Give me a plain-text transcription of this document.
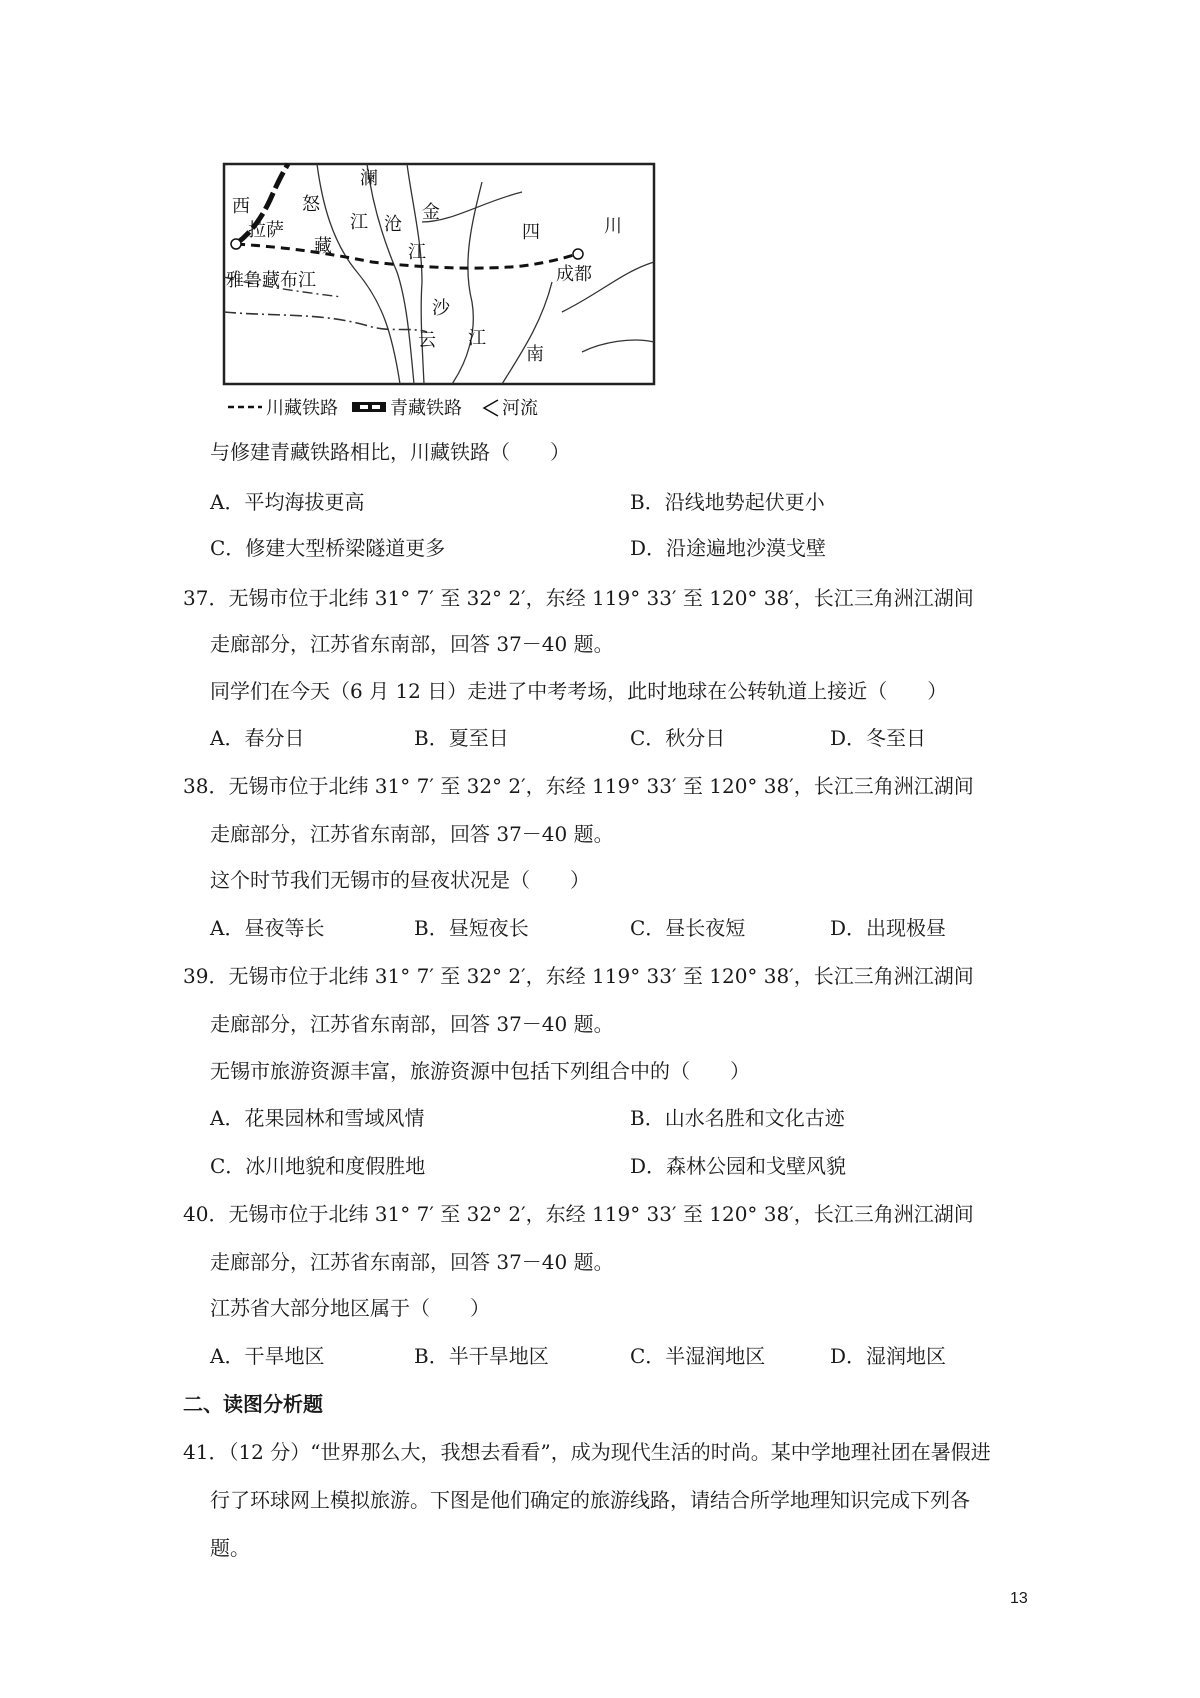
西	怒
澜
拉萨
藏
江 沧
金
四	川
江
成都
雅鲁藏布江
沙
云 江
南
川藏铁路	青藏铁路 河流
与修建青藏铁路相比，川藏铁路（　　）
A．平均海拔更高	B．沿线地势起伏更小
C．修建大型桥梁隧道更多	D．沿途遍地沙漠戈壁
37．无锡市位于北纬 31° 7′ 至 32° 2′，东经 119° 33′ 至 120° 38′，长江三角洲江湖间
走廊部分，江苏省东南部，回答 37－40 题。
同学们在今天（6 月 12 日）走进了中考考场，此时地球在公转轨道上接近（　　）
A．春分日	B．夏至日	C．秋分日	D．冬至日
38．无锡市位于北纬 31° 7′ 至 32° 2′，东经 119° 33′ 至 120° 38′，长江三角洲江湖间
走廊部分，江苏省东南部，回答 37－40 题。
这个时节我们无锡市的昼夜状况是（　　）
A．昼夜等长	B．昼短夜长	C．昼长夜短	D．出现极昼
39．无锡市位于北纬 31° 7′ 至 32° 2′，东经 119° 33′ 至 120° 38′，长江三角洲江湖间
走廊部分，江苏省东南部，回答 37－40 题。
无锡市旅游资源丰富，旅游资源中包括下列组合中的（　　）
A．花果园林和雪域风情	B．山水名胜和文化古迹
C．冰川地貌和度假胜地	D．森林公园和戈壁风貌
40．无锡市位于北纬 31° 7′ 至 32° 2′，东经 119° 33′ 至 120° 38′，长江三角洲江湖间
走廊部分，江苏省东南部，回答 37－40 题。
江苏省大部分地区属于（　　）
A．干旱地区	B．半干旱地区	C．半湿润地区	D．湿润地区
二、读图分析题
41．（12 分）“世界那么大，我想去看看”，成为现代生活的时尚。某中学地理社团在暑假进
行了环球网上模拟旅游。下图是他们确定的旅游线路，请结合所学地理知识完成下列各
题。
13
